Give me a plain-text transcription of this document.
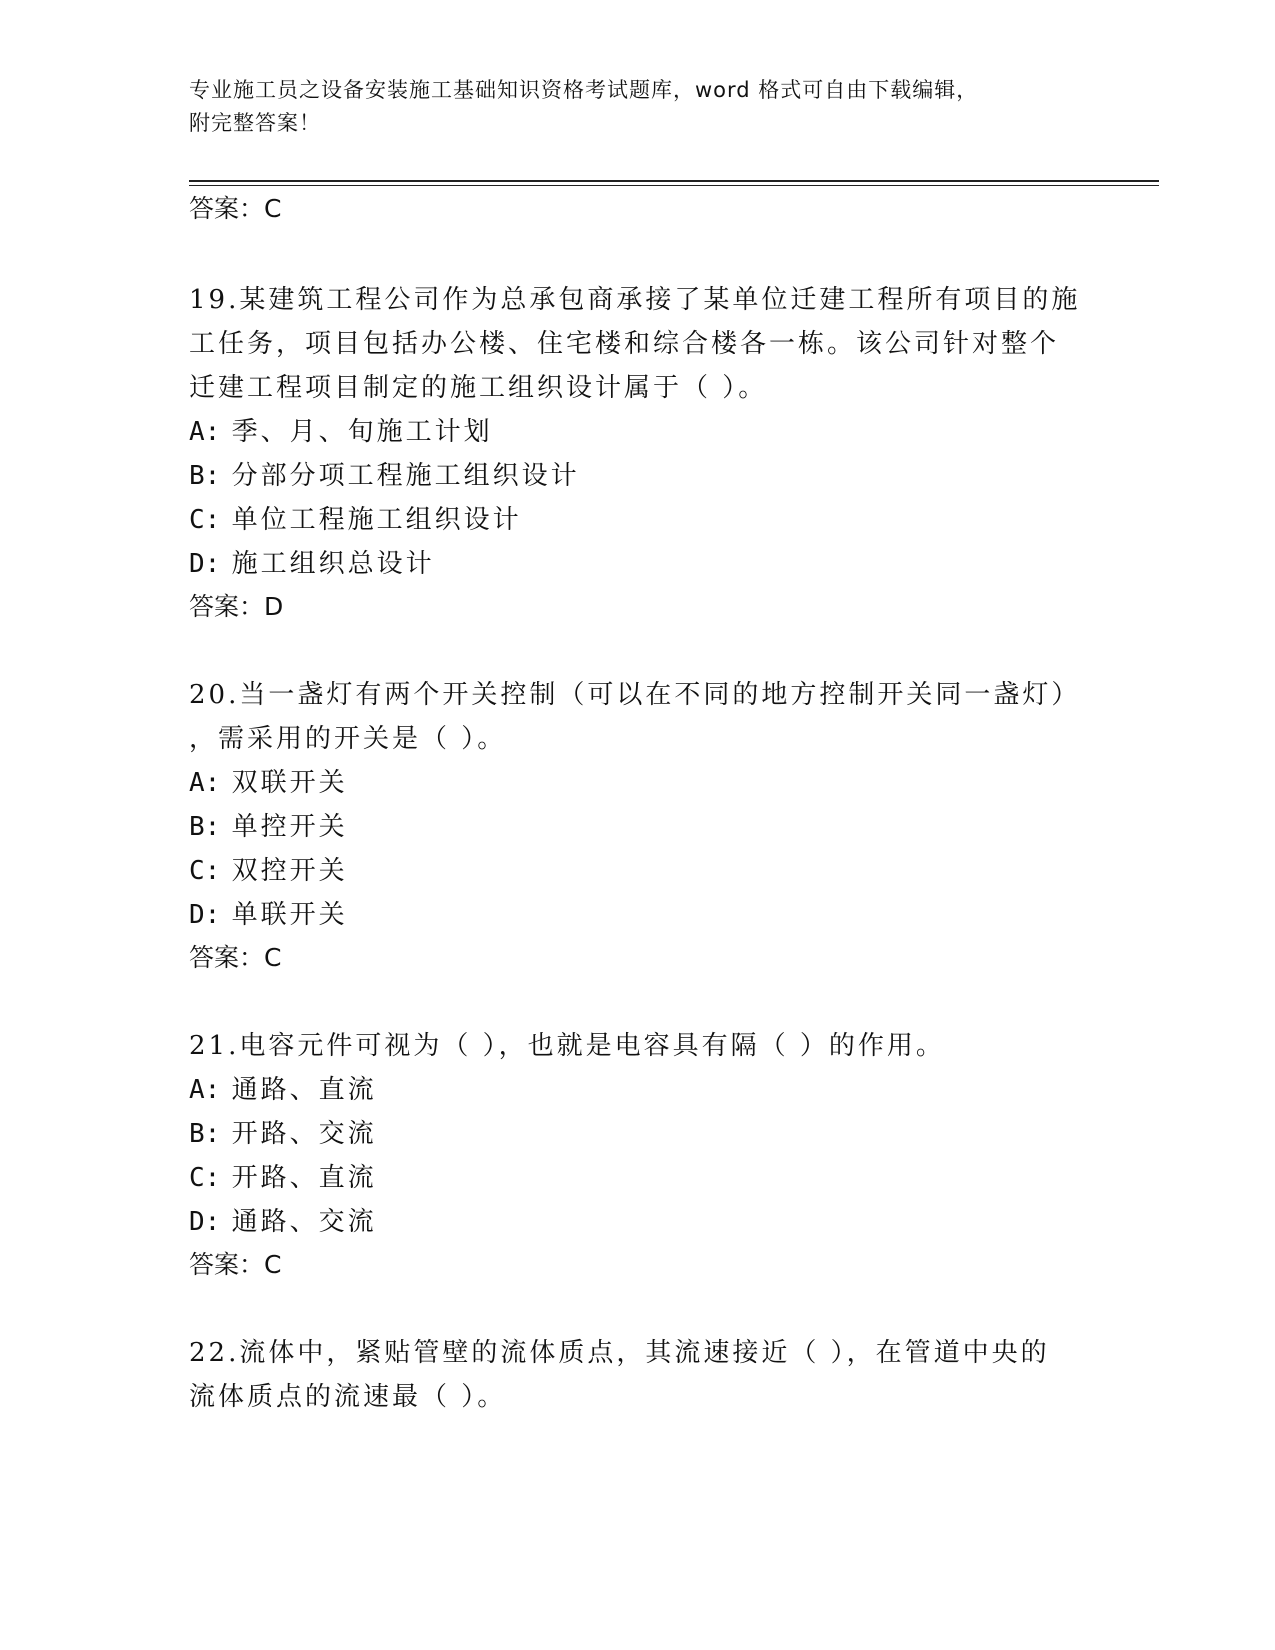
专业施工员之设备安装施工基础知识资格考试题库，word 格式可自由下载编辑，
附完整答案！
答案：C
19.某建筑工程公司作为总承包商承接了某单位迁建工程所有项目的施
工任务，项目包括办公楼、住宅楼和综合楼各一栋。该公司针对整个
迁建工程项目制定的施工组织设计属于（ ）。
A: 季、月、旬施工计划
B: 分部分项工程施工组织设计
C: 单位工程施工组织设计
D: 施工组织总设计
答案：D
20.当一盏灯有两个开关控制（可以在不同的地方控制开关同一盏灯）
，需采用的开关是（ ）。
A: 双联开关
B: 单控开关
C: 双控开关
D: 单联开关
答案：C
21.电容元件可视为（ ），也就是电容具有隔（ ）的作用。
A: 通路、直流
B: 开路、交流
C: 开路、直流
D: 通路、交流
答案：C
22.流体中，紧贴管壁的流体质点，其流速接近（ ），在管道中央的
流体质点的流速最（ ）。
